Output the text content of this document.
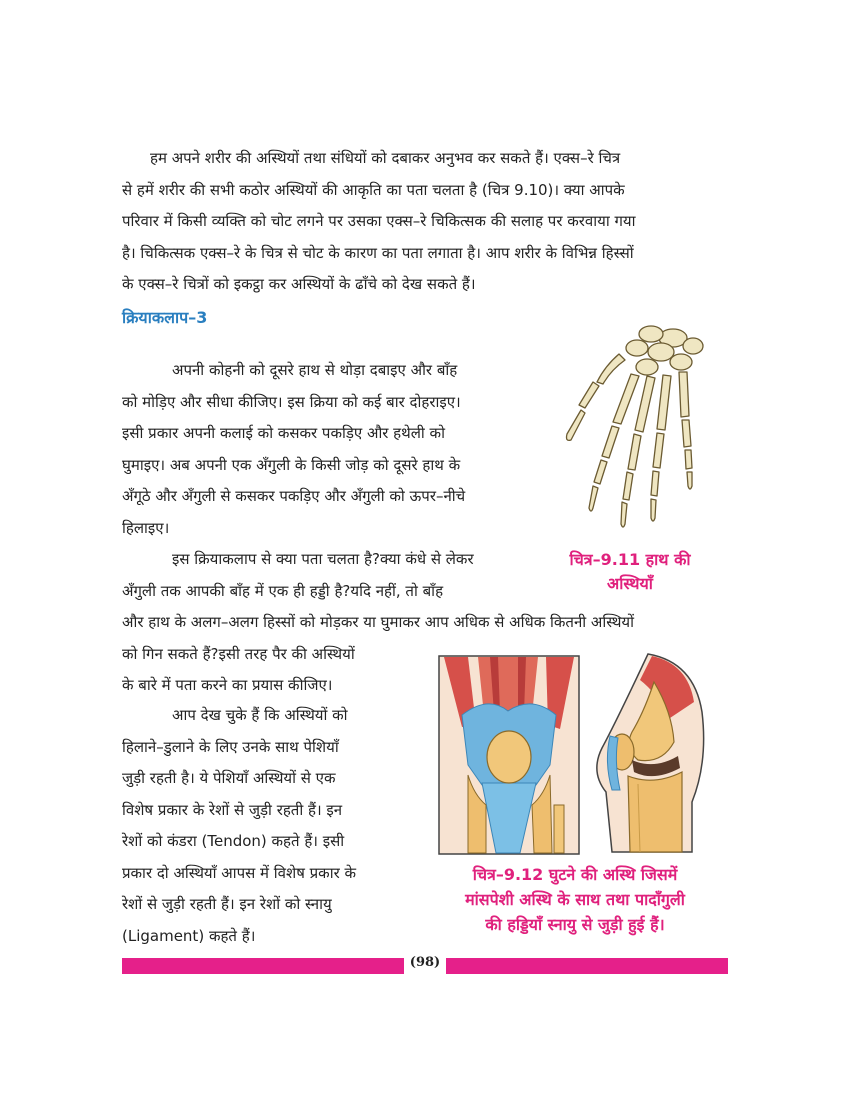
हम अपने शरीर की अस्थियों तथा संधियों को दबाकर अनुभव कर सकते हैं। एक्स–रे चित्र
से हमें शरीर की सभी कठोर अस्थियों की आकृति का पता चलता है (चित्र 9.10)। क्या आपके
परिवार में किसी व्यक्ति को चोट लगने पर उसका एक्स–रे चिकित्सक की सलाह पर करवाया गया
है। चिकित्सक एक्स–रे के चित्र से चोट के कारण का पता लगाता है। आप शरीर के विभिन्न हिस्सों
के एक्स–रे चित्रों को इकट्ठा कर अस्थियों के ढाँचे को देख सकते हैं।
क्रियाकलाप–3
अपनी कोहनी को दूसरे हाथ से थोड़ा दबाइए और बाँह
को मोड़िए और सीधा कीजिए। इस क्रिया को कई बार दोहराइए।
इसी प्रकार अपनी कलाई को कसकर पकड़िए और हथेली को
घुमाइए। अब अपनी एक अँगुली के किसी जोड़ को दूसरे हाथ के
अँगूठे और अँगुली से कसकर पकड़िए और अँगुली को ऊपर–नीचे
हिलाइए।
इस क्रियाकलाप से क्या पता चलता है?क्या कंधे से लेकर
अँगुली तक आपकी बाँह में एक ही हड्डी है?यदि नहीं, तो बाँह
और हाथ के अलग–अलग हिस्सों को मोड़कर या घुमाकर आप अधिक से अधिक कितनी अस्थियों
को गिन सकते हैं?इसी तरह पैर की अस्थियों
के बारे में पता करने का प्रयास कीजिए।
आप देख चुके हैं कि अस्थियों को
हिलाने–डुलाने के लिए उनके साथ पेशियाँ
जुड़ी रहती है। ये पेशियाँ अस्थियों से एक
विशेष प्रकार के रेशों से जुड़ी रहती हैं। इन
रेशों को कंडरा (Tendon) कहते हैं। इसी
प्रकार दो अस्थियाँ आपस में विशेष प्रकार के
रेशों से जुड़ी रहती हैं। इन रेशों को स्नायु
(Ligament) कहते हैं।
चित्र–9.11 हाथ की
अस्थियाँ
चित्र–9.12 घुटने की अस्थि जिसमें
मांसपेशी अस्थि के साथ तथा पादाँगुली
की हड्डियाँ स्नायु से जुड़ी हुई हैं।
(98)
